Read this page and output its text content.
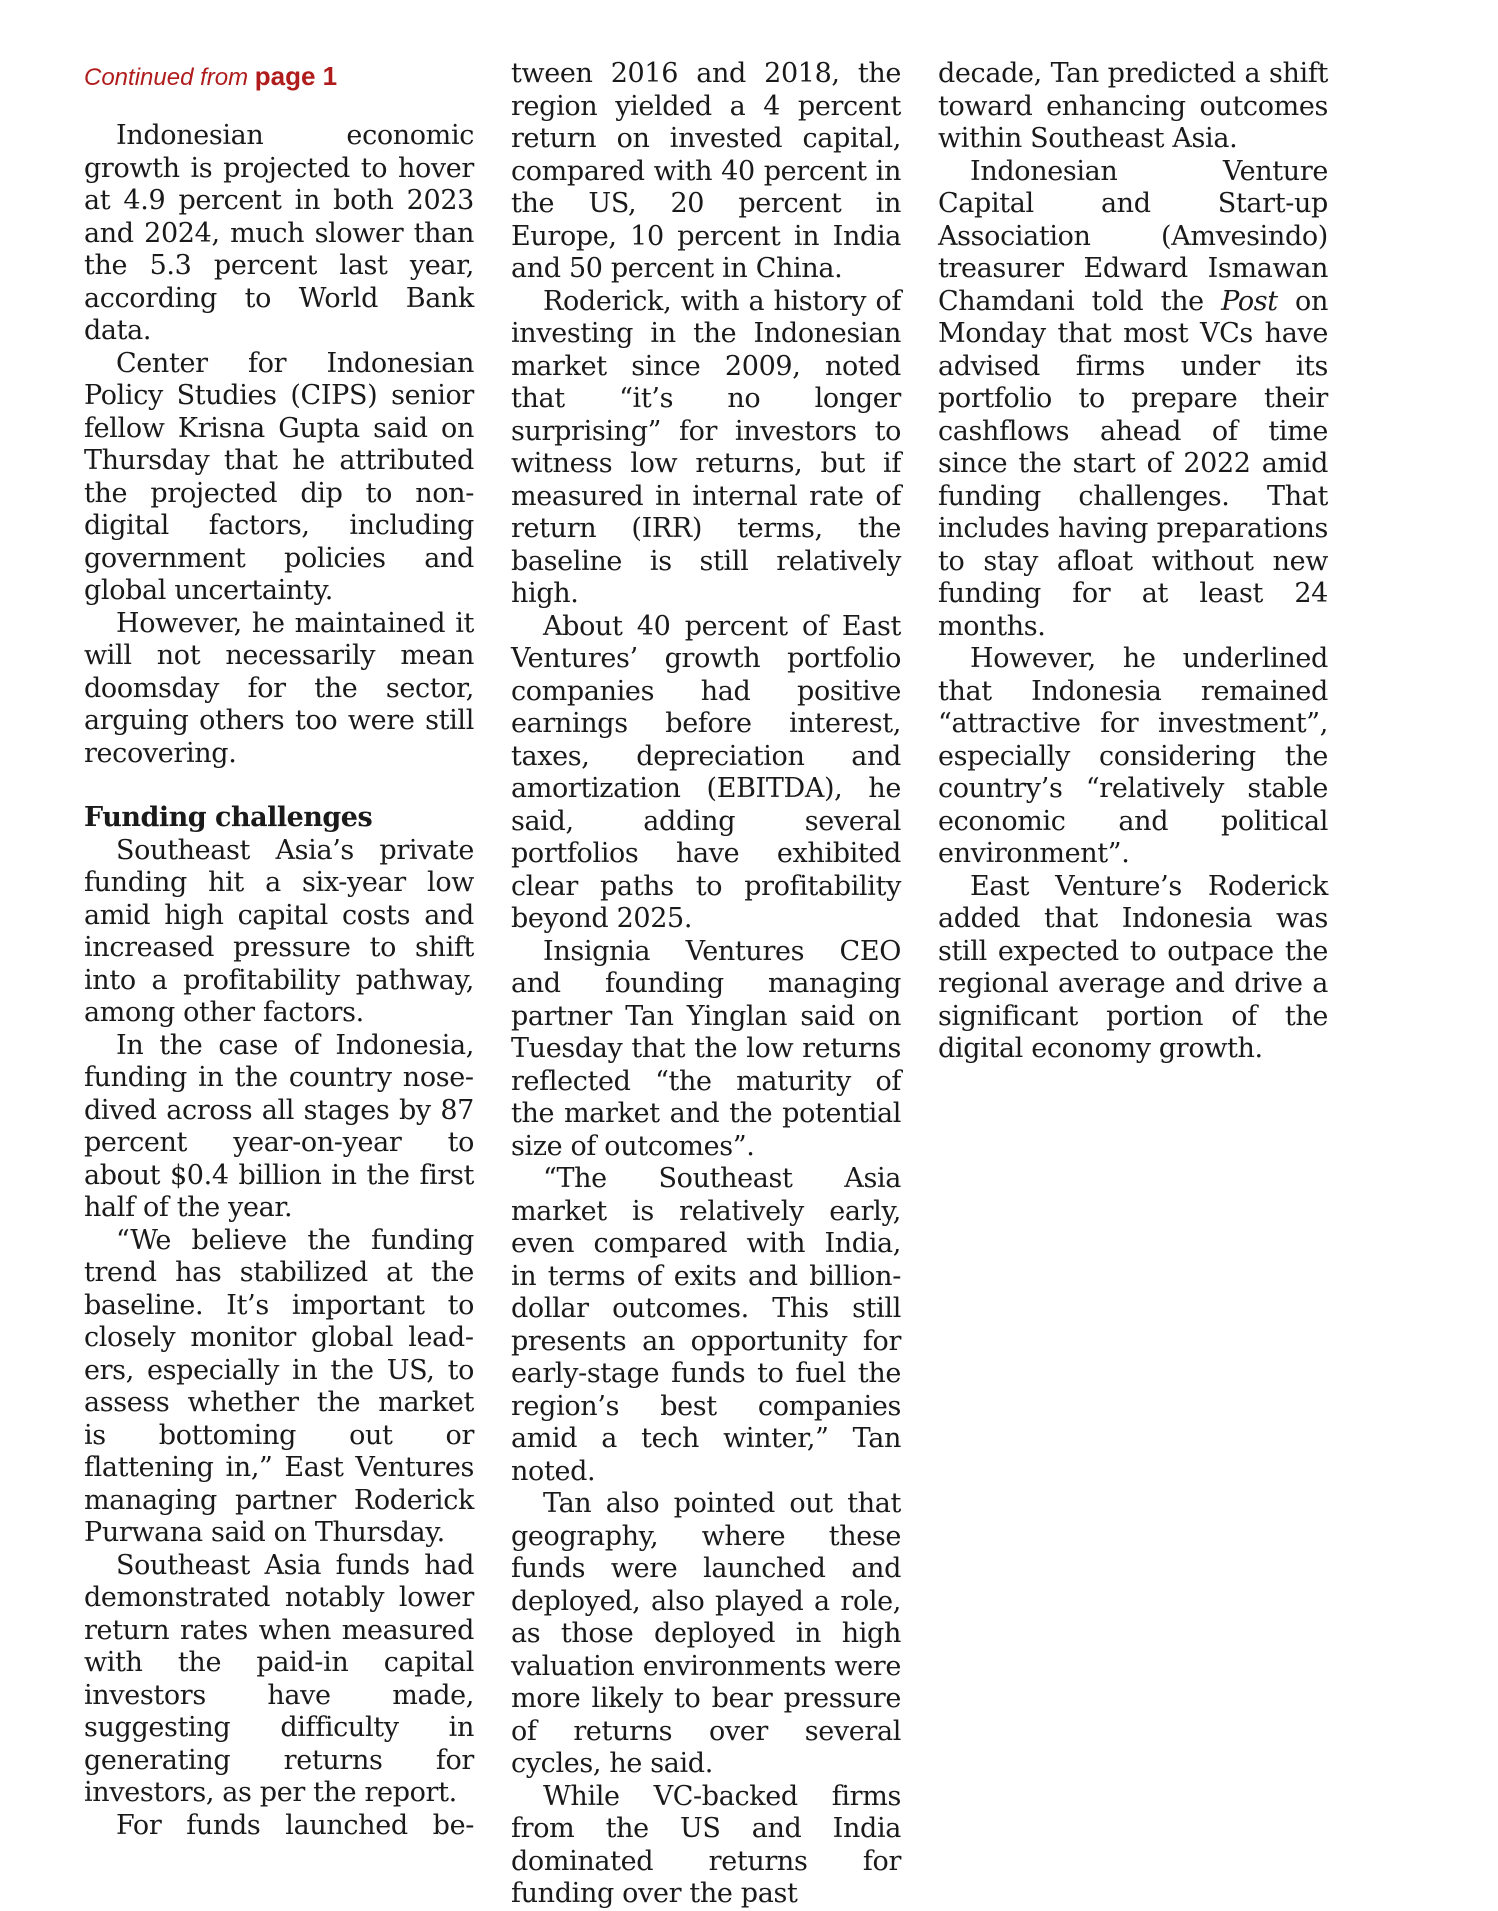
Continued from page 1

Indonesian economic growth is projected to hover at 4.9 percent in both 2023 and 2024, much slower than the 5.3 percent last year, according to World Bank data.

Center for Indonesian Policy Studies (CIPS) senior fellow Krisna Gupta said on Thursday that he attributed the projected dip to non-digital factors, including government policies and global uncertainty.

However, he maintained it will not necessarily mean doomsday for the sector, arguing others too were still recovering.

Funding challenges

Southeast Asia’s private funding hit a six-year low amid high capital costs and increased pressure to shift into a profitability pathway, among other factors.

In the case of Indonesia, funding in the country nosedived across all stages by 87 percent year-on-year to about $0.4 billion in the first half of the year.

“We believe the funding trend has stabilized at the baseline. It’s important to closely monitor global leaders, especially in the US, to assess whether the market is bottoming out or flattening in,” East Ventures managing partner Roderick Purwana said on Thursday.

Southeast Asia funds had demonstrated notably lower return rates when measured with the paid-in capital investors have made, suggesting difficulty in generating returns for investors, as per the report.

For funds launched be-

tween 2016 and 2018, the region yielded a 4 percent return on invested capital, compared with 40 percent in the US, 20 percent in Europe, 10 percent in India and 50 percent in China.

Roderick, with a history of investing in the Indonesian market since 2009, noted that “it’s no longer surprising” for investors to witness low returns, but if measured in internal rate of return (IRR) terms, the baseline is still relatively high.

About 40 percent of East Ventures’ growth portfolio companies had positive earnings before interest, taxes, depreciation and amortization (EBITDA), he said, adding several portfolios have exhibited clear paths to profitability beyond 2025.

Insignia Ventures CEO and founding managing partner Tan Yinglan said on Tuesday that the low returns reflected “the maturity of the market and the potential size of outcomes”.

“The Southeast Asia market is relatively early, even compared with India, in terms of exits and billion-dollar outcomes. This still presents an opportunity for early-stage funds to fuel the region’s best companies amid a tech winter,” Tan noted.

Tan also pointed out that geography, where these funds were launched and deployed, also played a role, as those deployed in high valuation environments were more likely to bear pressure of returns over several cycles, he said.

While VC-backed firms from the US and India dominated returns for funding over the past

decade, Tan predicted a shift toward enhancing outcomes within Southeast Asia.

Indonesian Venture Capital and Start-up Association (Amvesindo) treasurer Edward Ismawan Chamdani told the Post on Monday that most VCs have advised firms under its portfolio to prepare their cashflows ahead of time since the start of 2022 amid funding challenges. That includes having preparations to stay afloat without new funding for at least 24 months.

However, he underlined that Indonesia remained “attractive for investment”, especially considering the country’s “relatively stable economic and political environment”.

East Venture’s Roderick added that Indonesia was still expected to outpace the regional average and drive a significant portion of the digital economy growth.
